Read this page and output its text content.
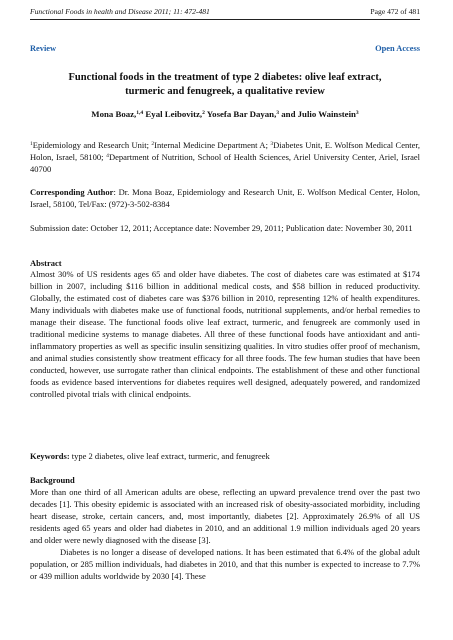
Functional Foods in health and Disease 2011; 11: 472-481	Page 472 of 481
Review	Open Access
Functional foods in the treatment of type 2 diabetes: olive leaf extract,
turmeric and fenugreek, a qualitative review
Mona Boaz,$^{1,4}$ Eyal Leibovitz,$^2$ Yosefa Bar Dayan,$^3$ and Julio Wainstein$^3$
$^1$Epidemiology and Research Unit; $^2$Internal Medicine Department A; $^3$Diabetes Unit, E. Wolfson Medical Center, Holon, Israel, 58100; $^4$Department of Nutrition, School of Health Sciences, Ariel University Center, Ariel, Israel 40700
Corresponding Author: Dr. Mona Boaz, Epidemiology and Research Unit, E. Wolfson Medical Center, Holon, Israel, 58100, Tel/Fax: (972)-3-502-8384
Submission date: October 12, 2011; Acceptance date: November 29, 2011; Publication date: November 30, 2011
Abstract
Almost 30% of US residents ages 65 and older have diabetes. The cost of diabetes care was estimated at $174 billion in 2007, including $116 billion in additional medical costs, and $58 billion in reduced productivity. Globally, the estimated cost of diabetes care was $376 billion in 2010, representing 12% of health expenditures. Many individuals with diabetes make use of functional foods, nutritional supplements, and/or herbal remedies to manage their disease. The functional foods olive leaf extract, turmeric, and fenugreek are commonly used in traditional medicine systems to manage diabetes. All three of these functional foods have antioxidant and anti-inflammatory properties as well as specific insulin sensitizing qualities. In vitro studies offer proof of mechanism, and animal studies consistently show treatment efficacy for all three foods. The few human studies that have been conducted, however, use surrogate rather than clinical endpoints. The establishment of these and other functional foods as evidence based interventions for diabetes requires well designed, adequately powered, and randomized controlled pivotal trials with clinical endpoints.
Keywords: type 2 diabetes, olive leaf extract, turmeric, and fenugreek
Background
More than one third of all American adults are obese, reflecting an upward prevalence trend over the past two decades [1]. This obesity epidemic is associated with an increased risk of obesity-associated morbidity, including heart disease, stroke, certain cancers, and, most importantly, diabetes [2]. Approximately 26.9% of all US residents aged 65 years and older had diabetes in 2010, and an additional 1.9 million individuals aged 20 years and older were newly diagnosed with the disease [3].
Diabetes is no longer a disease of developed nations. It has been estimated that 6.4% of the global adult population, or 285 million individuals, had diabetes in 2010, and that this number is expected to increase to 7.7% or 439 million adults worldwide by 2030 [4]. These
